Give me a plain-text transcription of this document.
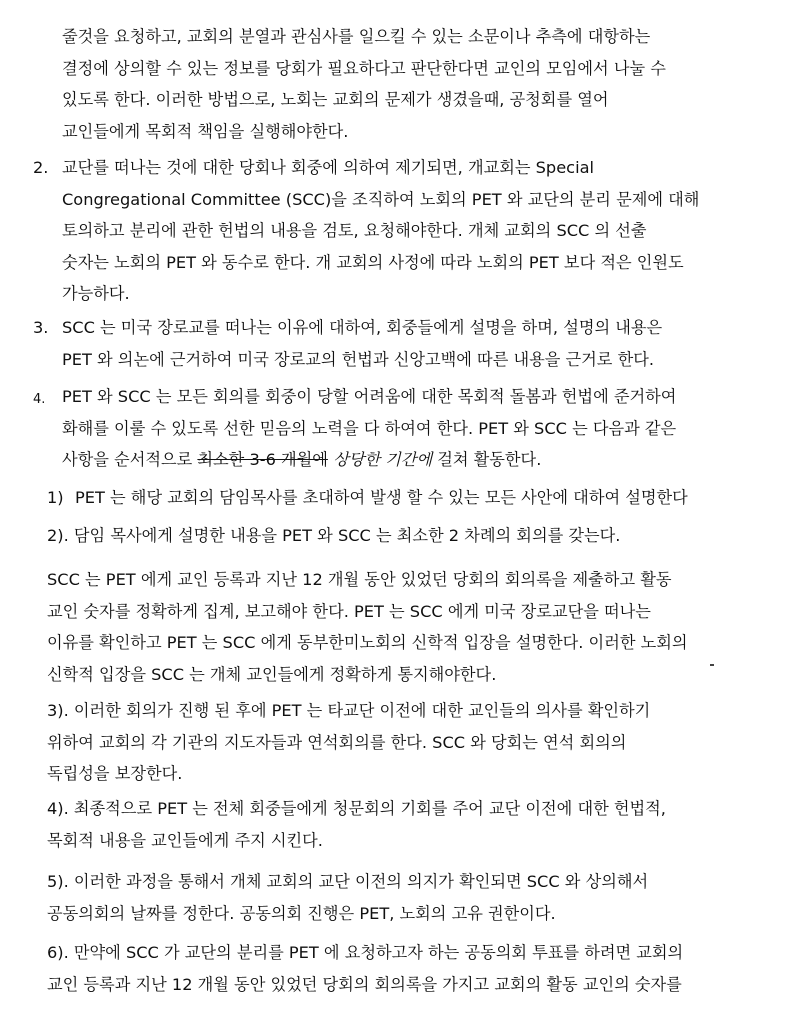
줄것을 요청하고, 교회의 분열과 관심사를 일으킬 수 있는 소문이나 추측에 대항하는
결정에 상의할 수 있는 정보를 당회가 필요하다고 판단한다면 교인의 모임에서 나눌 수
있도록 한다. 이러한 방법으로, 노회는 교회의 문제가 생겼을때, 공청회를 열어
교인들에게 목회적 책임을 실행해야한다.
2. 교단를 떠나는 것에 대한 당회나 회중에 의하여 제기되면, 개교회는 Special
Congregational Committee (SCC)을 조직하여 노회의 PET 와 교단의 분리 문제에 대해
토의하고 분리에 관한 헌법의 내용을 검토, 요청해야한다. 개체 교회의 SCC 의 선출
숫자는 노회의 PET 와 동수로 한다. 개 교회의 사정에 따라 노회의 PET 보다 적은 인원도
가능하다.
3. SCC 는 미국 장로교를 떠나는 이유에 대하여, 회중들에게 설명을 하며, 설명의 내용은
PET 와 의논에 근거하여 미국 장로교의 헌법과 신앙고백에 따른 내용을 근거로 한다.
4. PET 와 SCC 는 모든 회의를 회중이 당할 어려움에 대한 목회적 돌봄과 헌법에 준거하여
화해를 이룰 수 있도록 선한 믿음의 노력을 다 하여여 한다. PET 와 SCC 는 다음과 같은
사항을 순서적으로 최소한 3-6 개월에 상당한 기간에 걸쳐 활동한다.
1) PET 는 해당 교회의 담임목사를 초대하여 발생 할 수 있는 모든 사안에 대하여 설명한다
2). 담임 목사에게 설명한 내용을 PET 와 SCC 는 최소한 2 차례의 회의를 갖는다.
SCC 는 PET 에게 교인 등록과 지난 12 개월 동안 있었던 당회의 회의록을 제출하고 활동
교인 숫자를 정확하게 집계, 보고해야 한다. PET 는 SCC 에게 미국 장로교단을 떠나는
이유를 확인하고 PET 는 SCC 에게 동부한미노회의 신학적 입장을 설명한다. 이러한 노회의
신학적 입장을 SCC 는 개체 교인들에게 정확하게 통지해야한다.
3). 이러한 회의가 진행 된 후에 PET 는 타교단 이전에 대한 교인들의 의사를 확인하기
위하여 교회의 각 기관의 지도자들과 연석회의를 한다. SCC 와 당회는 연석 회의의
독립성을 보장한다.
4). 최종적으로 PET 는 전체 회중들에게 청문회의 기회를 주어 교단 이전에 대한 헌법적,
목회적 내용을 교인들에게 주지 시킨다.
5). 이러한 과정을 통해서 개체 교회의 교단 이전의 의지가 확인되면 SCC 와 상의해서
공동의회의 날짜를 정한다. 공동의회 진행은 PET, 노회의 고유 권한이다.
6). 만약에 SCC 가 교단의 분리를 PET 에 요청하고자 하는 공동의회 투표를 하려면 교회의
교인 등록과 지난 12 개월 동안 있었던 당회의 회의록을 가지고 교회의 활동 교인의 숫자를
